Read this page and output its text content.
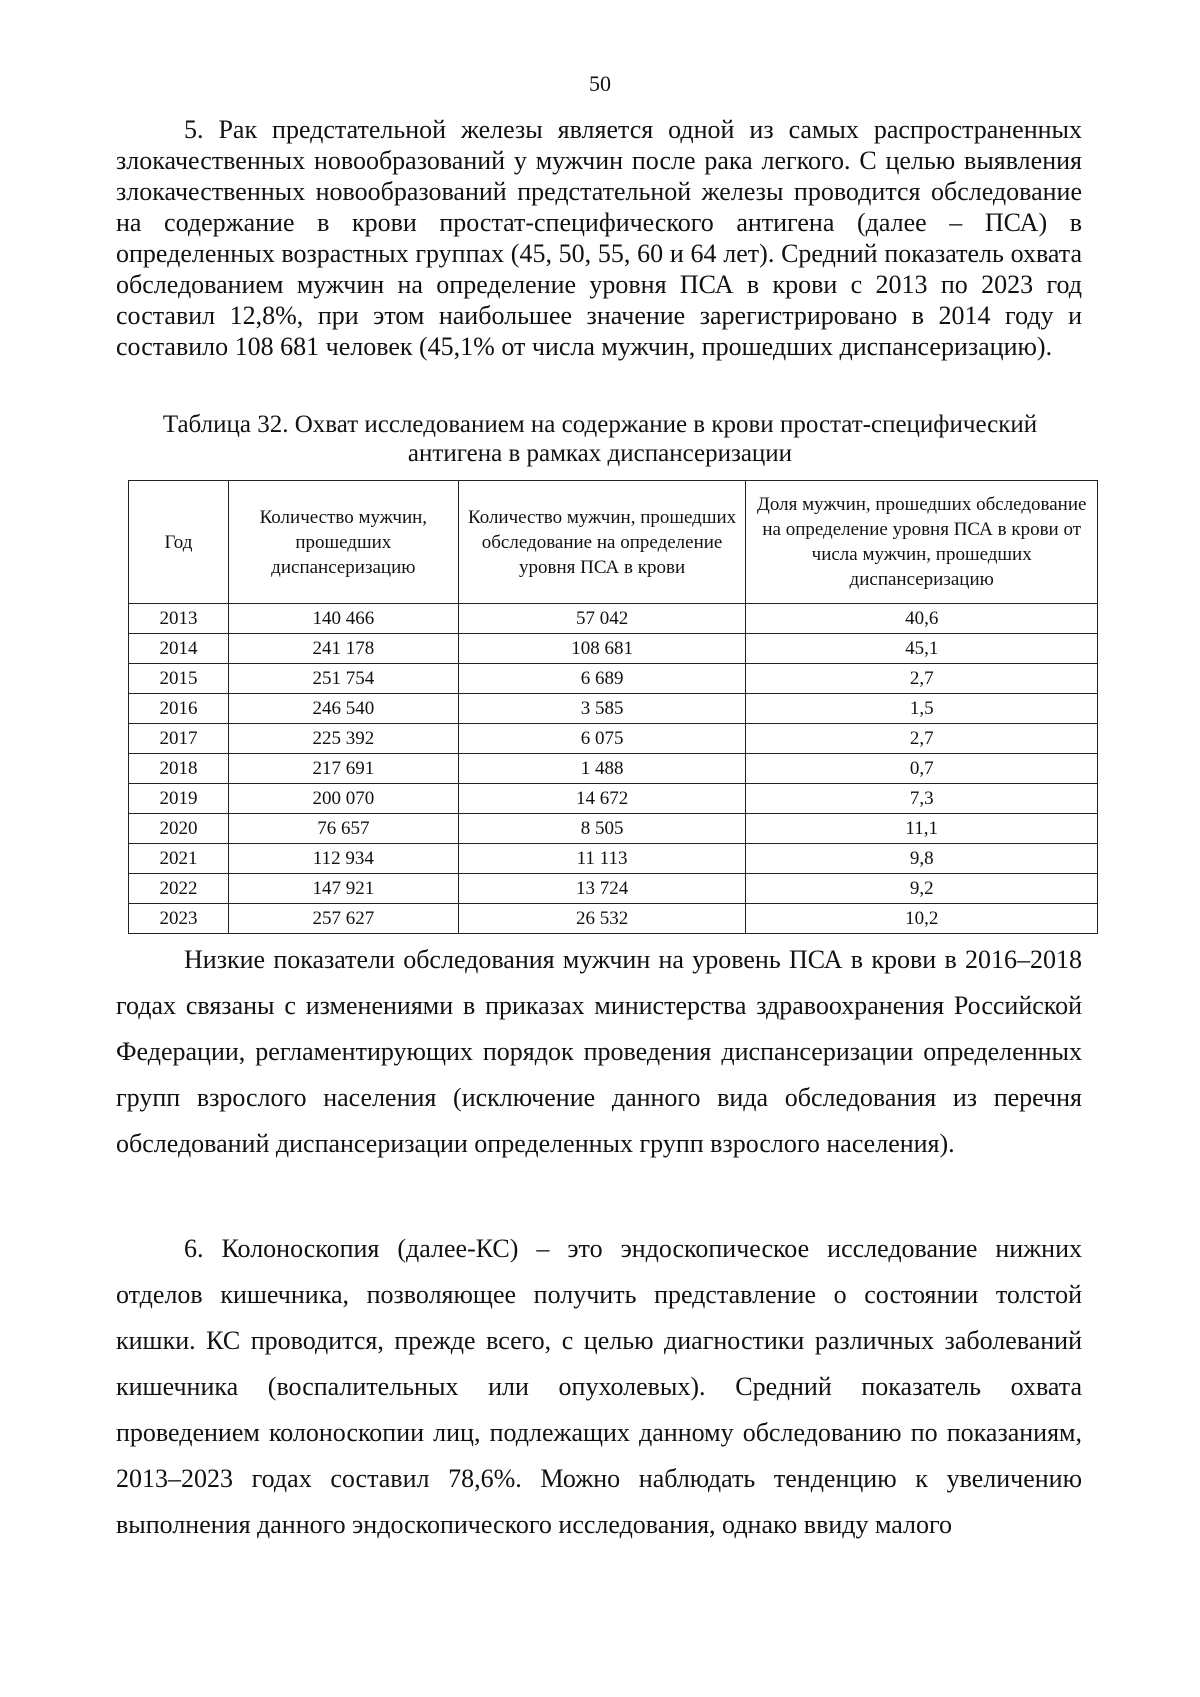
50

5. Рак предстательной железы является одной из самых распространенных злокачественных новообразований у мужчин после рака легкого. С целью выявления злокачественных новообразований предстательной железы проводится обследование на содержание в крови простат-специфического антигена (далее – ПСА) в определенных возрастных группах (45, 50, 55, 60 и 64 лет). Средний показатель охвата обследованием мужчин на определение уровня ПСА в крови с 2013 по 2023 год составил 12,8%, при этом наибольшее значение зарегистрировано в 2014 году и составило 108 681 человек (45,1% от числа мужчин, прошедших диспансеризацию).

Таблица 32. Охват исследованием на содержание в крови простат-специфический
антигена в рамках диспансеризации
Год	Количество мужчин, прошедших диспансеризацию	Количество мужчин, прошедших обследование на определение уровня ПСА в крови	Доля мужчин, прошедших обследование на определение уровня ПСА в крови от числа мужчин, прошедших диспансеризацию
2013	140 466	57 042	40,6
2014	241 178	108 681	45,1
2015	251 754	6 689	2,7
2016	246 540	3 585	1,5
2017	225 392	6 075	2,7
2018	217 691	1 488	0,7
2019	200 070	14 672	7,3
2020	76 657	8 505	11,1
2021	112 934	11 113	9,8
2022	147 921	13 724	9,2
2023	257 627	26 532	10,2

Низкие показатели обследования мужчин на уровень ПСА в крови в 2016–2018 годах связаны с изменениями в приказах министерства здравоохранения Российской Федерации, регламентирующих порядок проведения диспансеризации определенных групп взрослого населения (исключение данного вида обследования из перечня обследований диспансеризации определенных групп взрослого населения).

6. Колоноскопия (далее-КС) – это эндоскопическое исследование нижних отделов кишечника, позволяющее получить представление о состоянии толстой кишки. КС проводится, прежде всего, с целью диагностики различных заболеваний кишечника (воспалительных или опухолевых). Средний показатель охвата проведением колоноскопии лиц, подлежащих данному обследованию по показаниям, 2013–2023 годах составил 78,6%. Можно наблюдать тенденцию к увеличению выполнения данного эндоскопического исследования, однако ввиду малого
